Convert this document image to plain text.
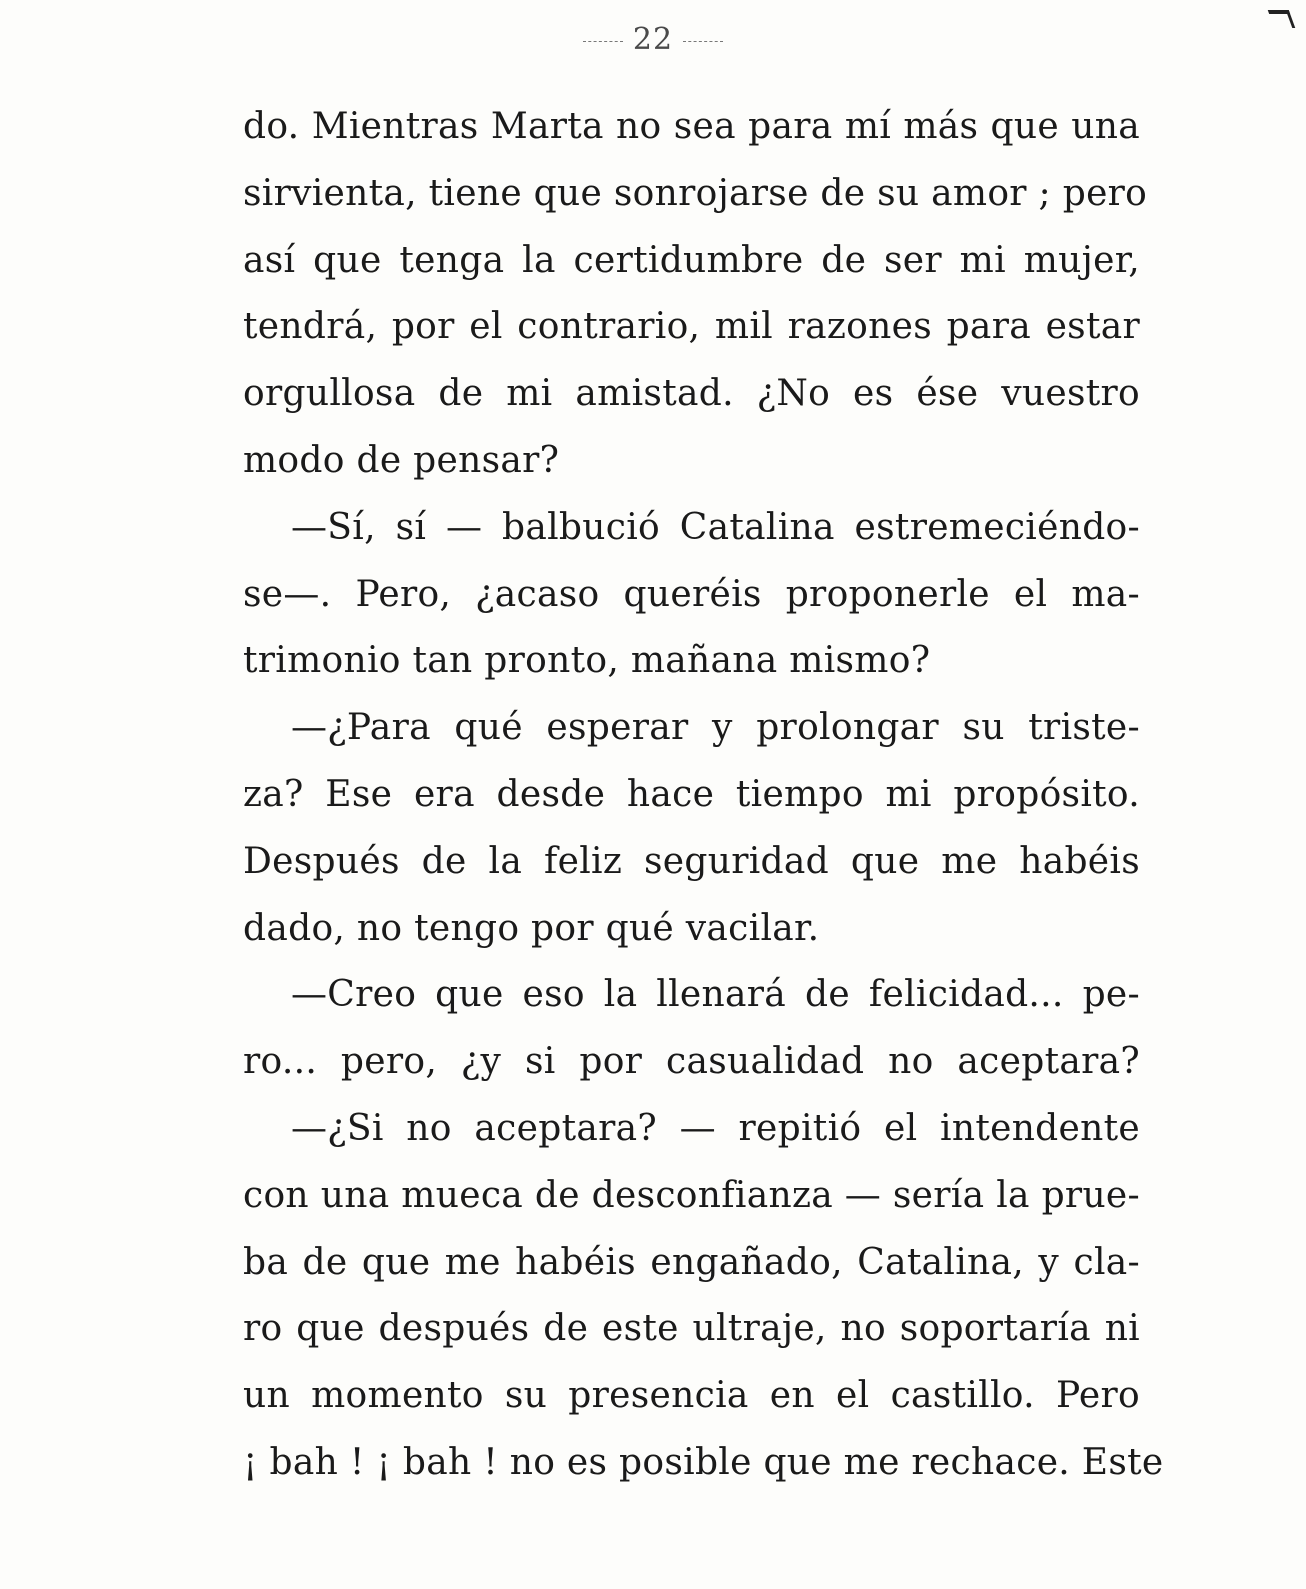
22
do. Mientras Marta no sea para mí más que una
sirvienta, tiene que sonrojarse de su amor ; pero
así que tenga la certidumbre de ser mi mujer,
tendrá, por el contrario, mil razones para estar
orgullosa de mi amistad. ¿No es ése vuestro
modo de pensar?
—Sí, sí — balbució Catalina estremeciéndo-
se—. Pero, ¿acaso queréis proponerle el ma-
trimonio tan pronto, mañana mismo?
—¿Para qué esperar y prolongar su triste-
za? Ese era desde hace tiempo mi propósito.
Después de la feliz seguridad que me habéis
dado, no tengo por qué vacilar.
—Creo que eso la llenará de felicidad... pe-
ro... pero, ¿y si por casualidad no aceptara?
—¿Si no aceptara? — repitió el intendente
con una mueca de desconfianza — sería la prue-
ba de que me habéis engañado, Catalina, y cla-
ro que después de este ultraje, no soportaría ni
un momento su presencia en el castillo. Pero
¡ bah ! ¡ bah ! no es posible que me rechace. Este
